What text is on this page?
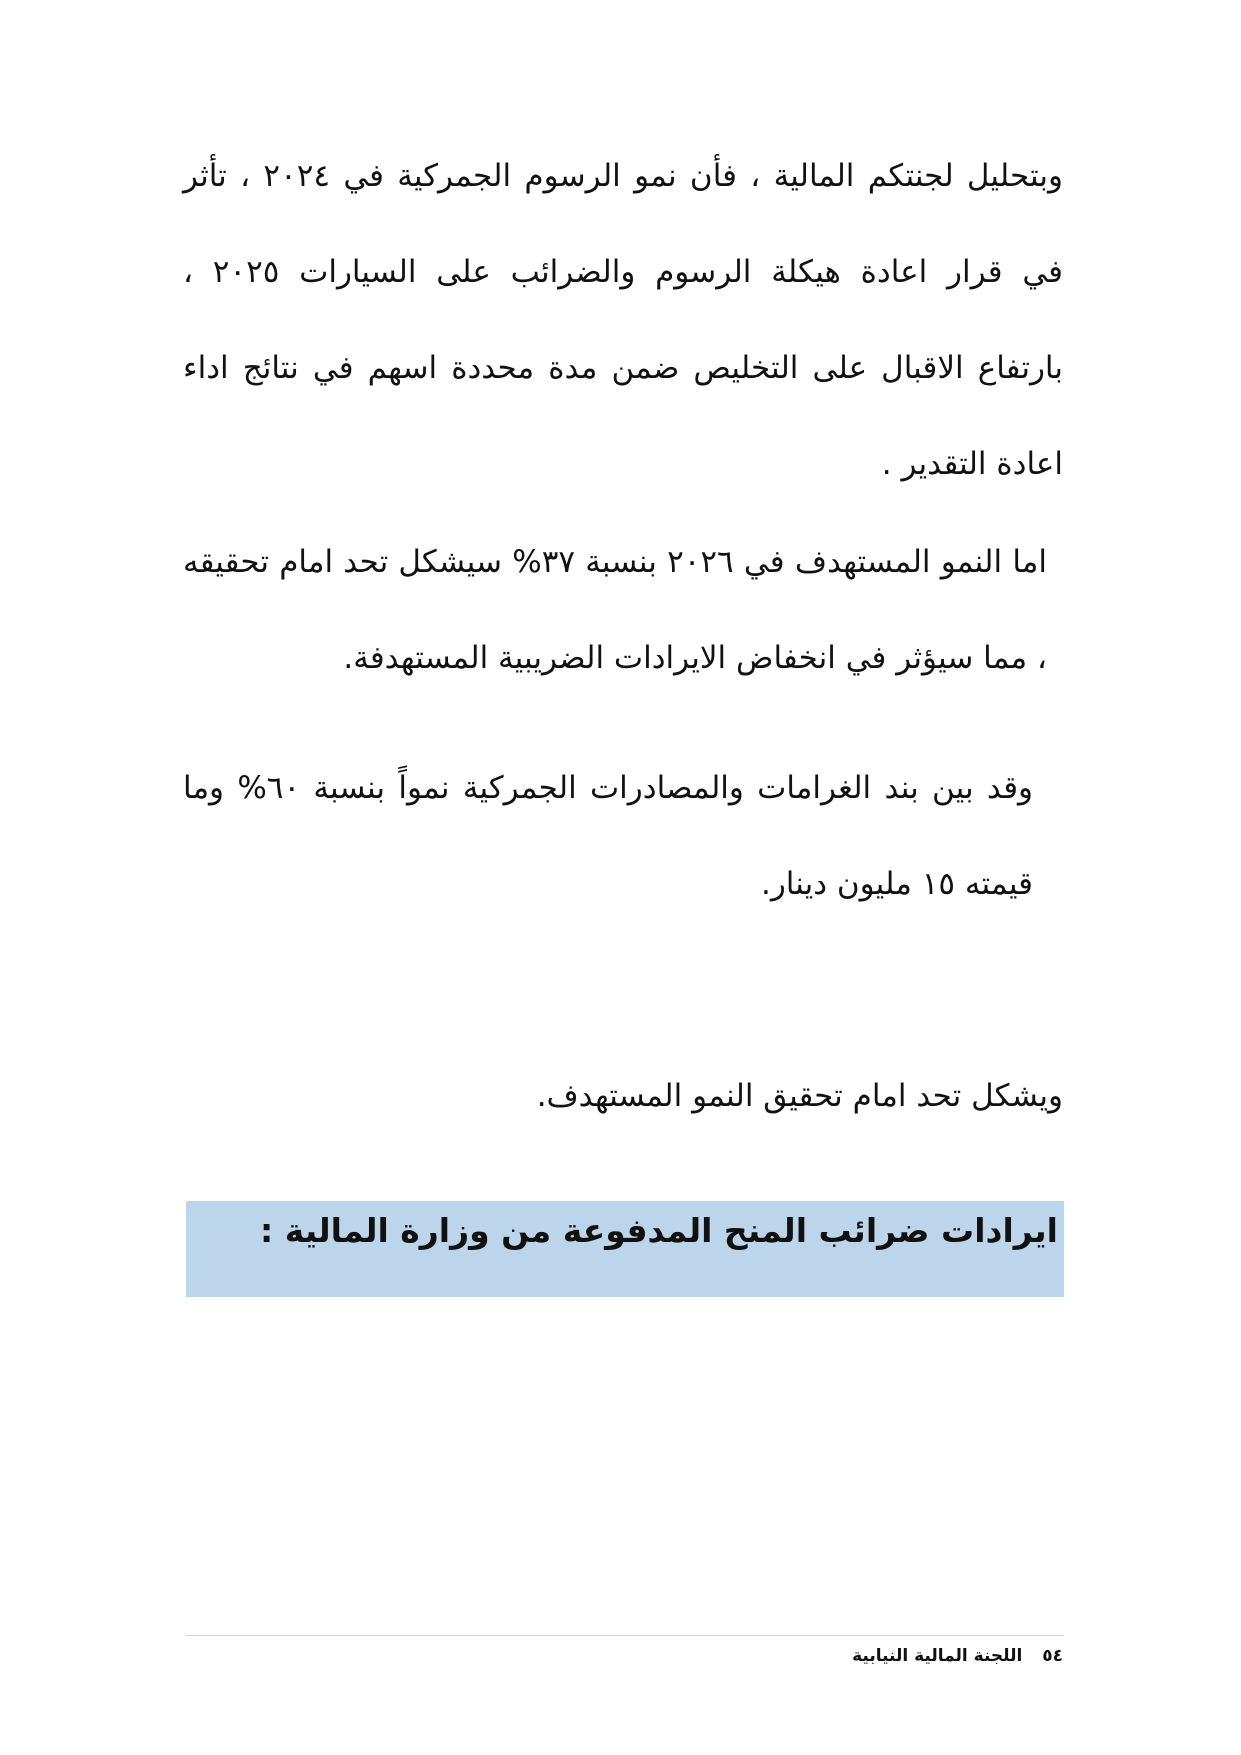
وبتحليل لجنتكم المالية ، فأن نمو الرسوم الجمركية في ٢٠٢٤ ، تأثر في قرار اعادة هيكلة الرسوم والضرائب على السيارات ٢٠٢٥ ، بارتفاع الاقبال على التخليص ضمن مدة محددة اسهم في نتائج اداء اعادة التقدير .

اما النمو المستهدف في ٢٠٢٦ بنسبة ٣٧% سيشكل تحد امام تحقيقه ، مما سيؤثر في انخفاض الايرادات الضريبية المستهدفة.

وقد بين بند الغرامات والمصادرات الجمركية نمواً بنسبة ٦٠% وما قيمته ١٥ مليون دينار.

ويشكل تحد امام تحقيق النمو المستهدف.

ايرادات ضرائب المنح المدفوعة من وزارة المالية :
٥٤ اللجنة المالية النيابية
